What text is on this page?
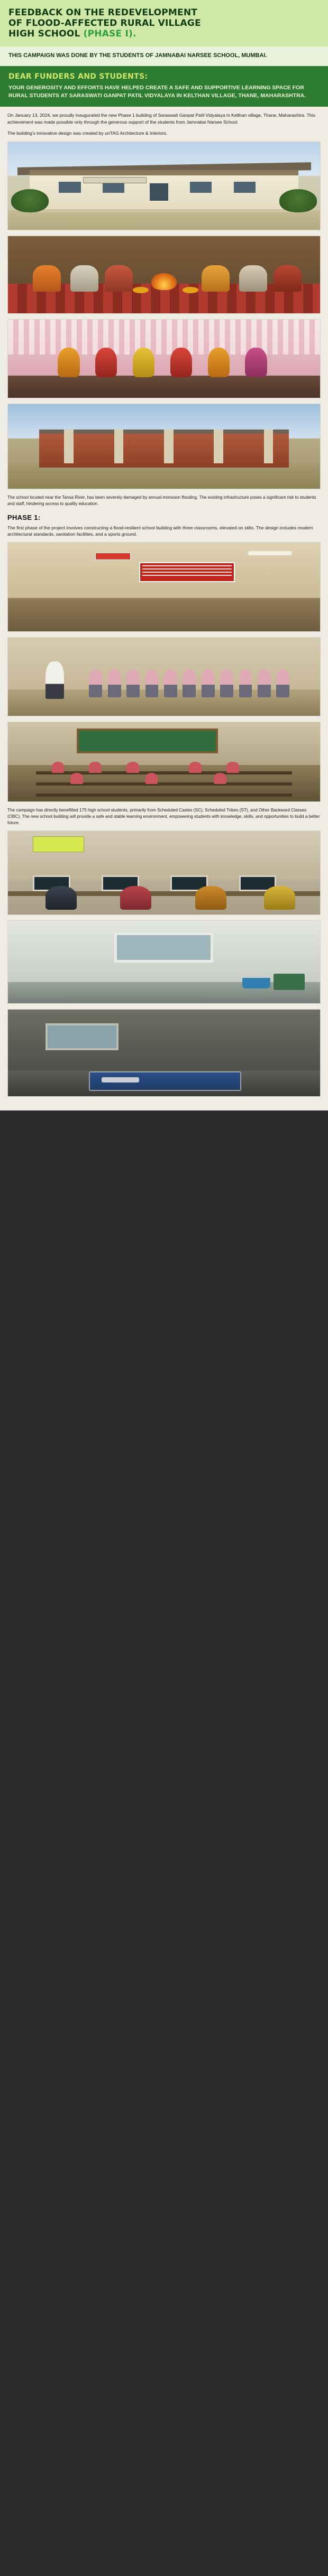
FEEDBACK ON THE REDEVELOPMENT
OF FLOOD-AFFECTED RURAL VILLAGE
HIGH SCHOOL (PHASE I).

THIS CAMPAIGN WAS DONE BY THE STUDENTS OF JAMNABAI NARSEE SCHOOL, MUMBAI.

DEAR FUNDERS AND STUDENTS:

YOUR GENEROSITY AND EFFORTS HAVE HELPED CREATE A SAFE AND SUPPORTIVE LEARNING SPACE FOR RURAL STUDENTS AT SARASWATI GANPAT PATIL VIDYALAYA IN KELTHAN VILLAGE, THANE, MAHARASHTRA.

On January 13, 2024, we proudly inaugurated the new Phase 1 building of Saraswati Ganpat Patil Vidyalaya in Kelthan village, Thane, Maharashtra. This achievement was made possible only through the generous support of the students from Jamnabai Narsee School.

The building's innovative design was created by unTAG Architecture & Interiors.

The school located near the Tansa River, has been severely damaged by annual monsoon flooding. The existing infrastructure poses a significant risk to students and staff, hindering access to quality education.

PHASE 1:

The first phase of the project involves constructing a flood-resilient school building with three classrooms, elevated on stilts. The design includes modern architectural standards, sanitation facilities, and a sports ground.

The campaign has directly benefitted 175 high school students, primarily from Scheduled Castes (SC), Scheduled Tribes (ST), and Other Backward Classes (OBC). The new school building will provide a safe and stable learning environment, empowering students with knowledge, skills, and opportunities to build a better future.
